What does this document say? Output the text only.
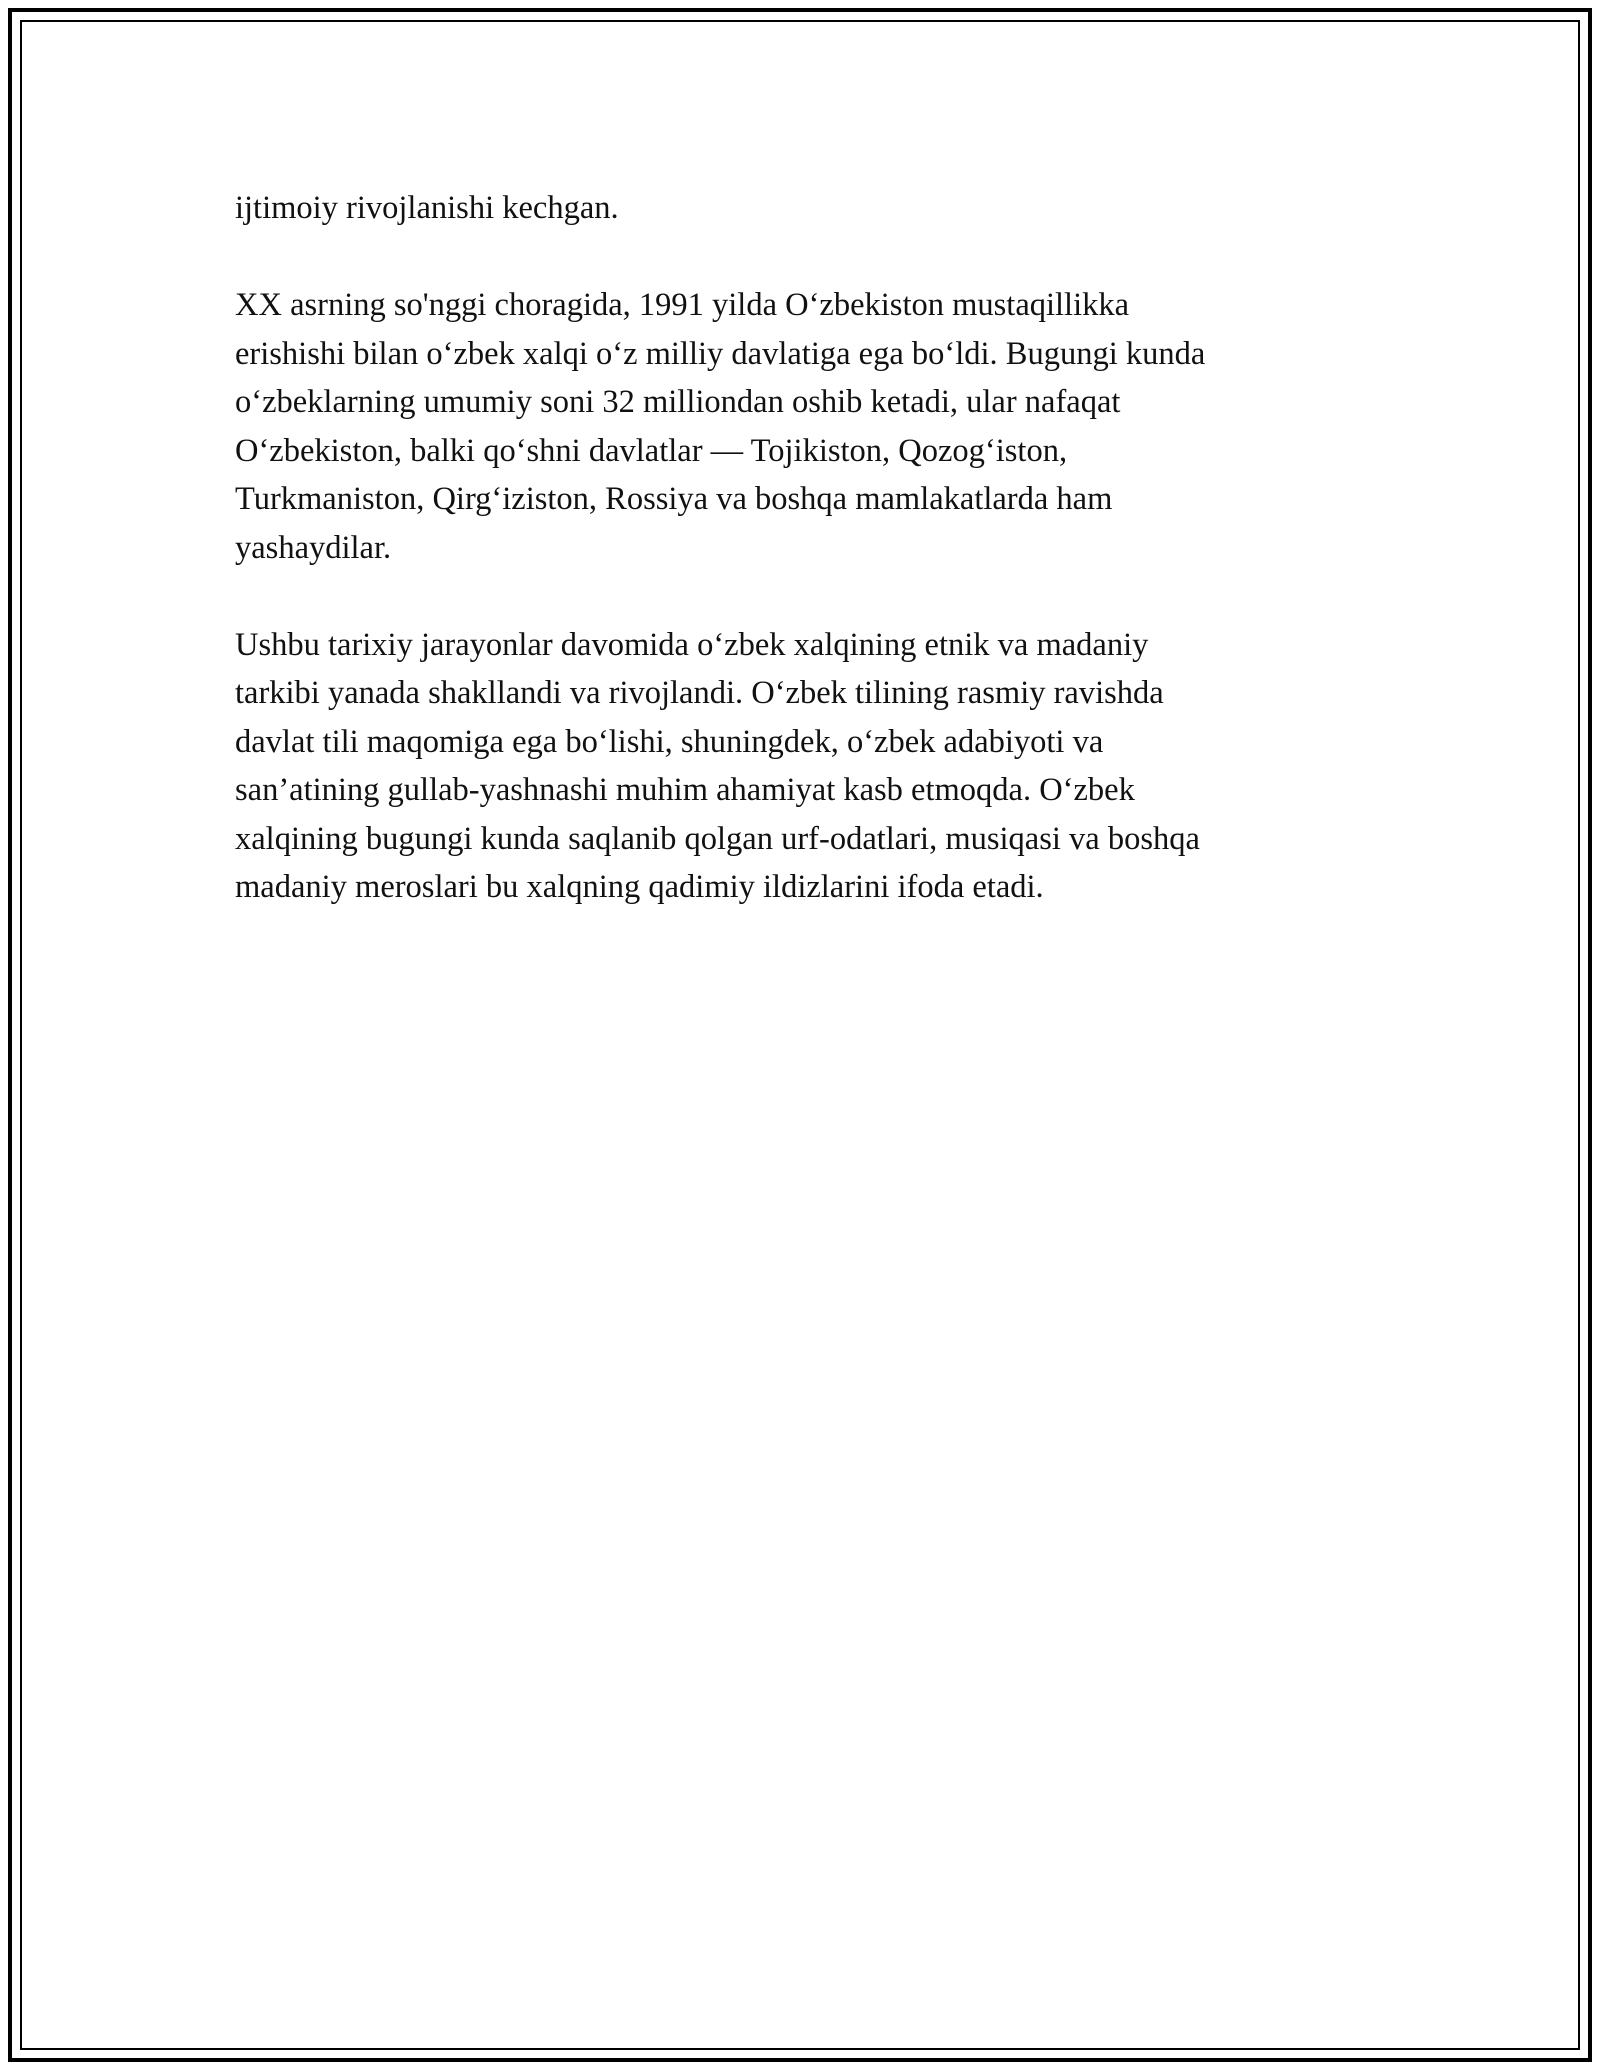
ijtimoiy rivojlanishi kechgan.

XX asrning so'nggi choragida, 1991 yilda O‘zbekiston mustaqillikka
erishishi bilan o‘zbek xalqi o‘z milliy davlatiga ega bo‘ldi. Bugungi kunda
o‘zbeklarning umumiy soni 32 milliondan oshib ketadi, ular nafaqat
O‘zbekiston, balki qo‘shni davlatlar — Tojikiston, Qozog‘iston,
Turkmaniston, Qirg‘iziston, Rossiya va boshqa mamlakatlarda ham
yashaydilar.

Ushbu tarixiy jarayonlar davomida o‘zbek xalqining etnik va madaniy
tarkibi yanada shakllandi va rivojlandi. O‘zbek tilining rasmiy ravishda
davlat tili maqomiga ega bo‘lishi, shuningdek, o‘zbek adabiyoti va
san’atining gullab-yashnashi muhim ahamiyat kasb etmoqda. O‘zbek
xalqining bugungi kunda saqlanib qolgan urf-odatlari, musiqasi va boshqa
madaniy meroslari bu xalqning qadimiy ildizlarini ifoda etadi.
